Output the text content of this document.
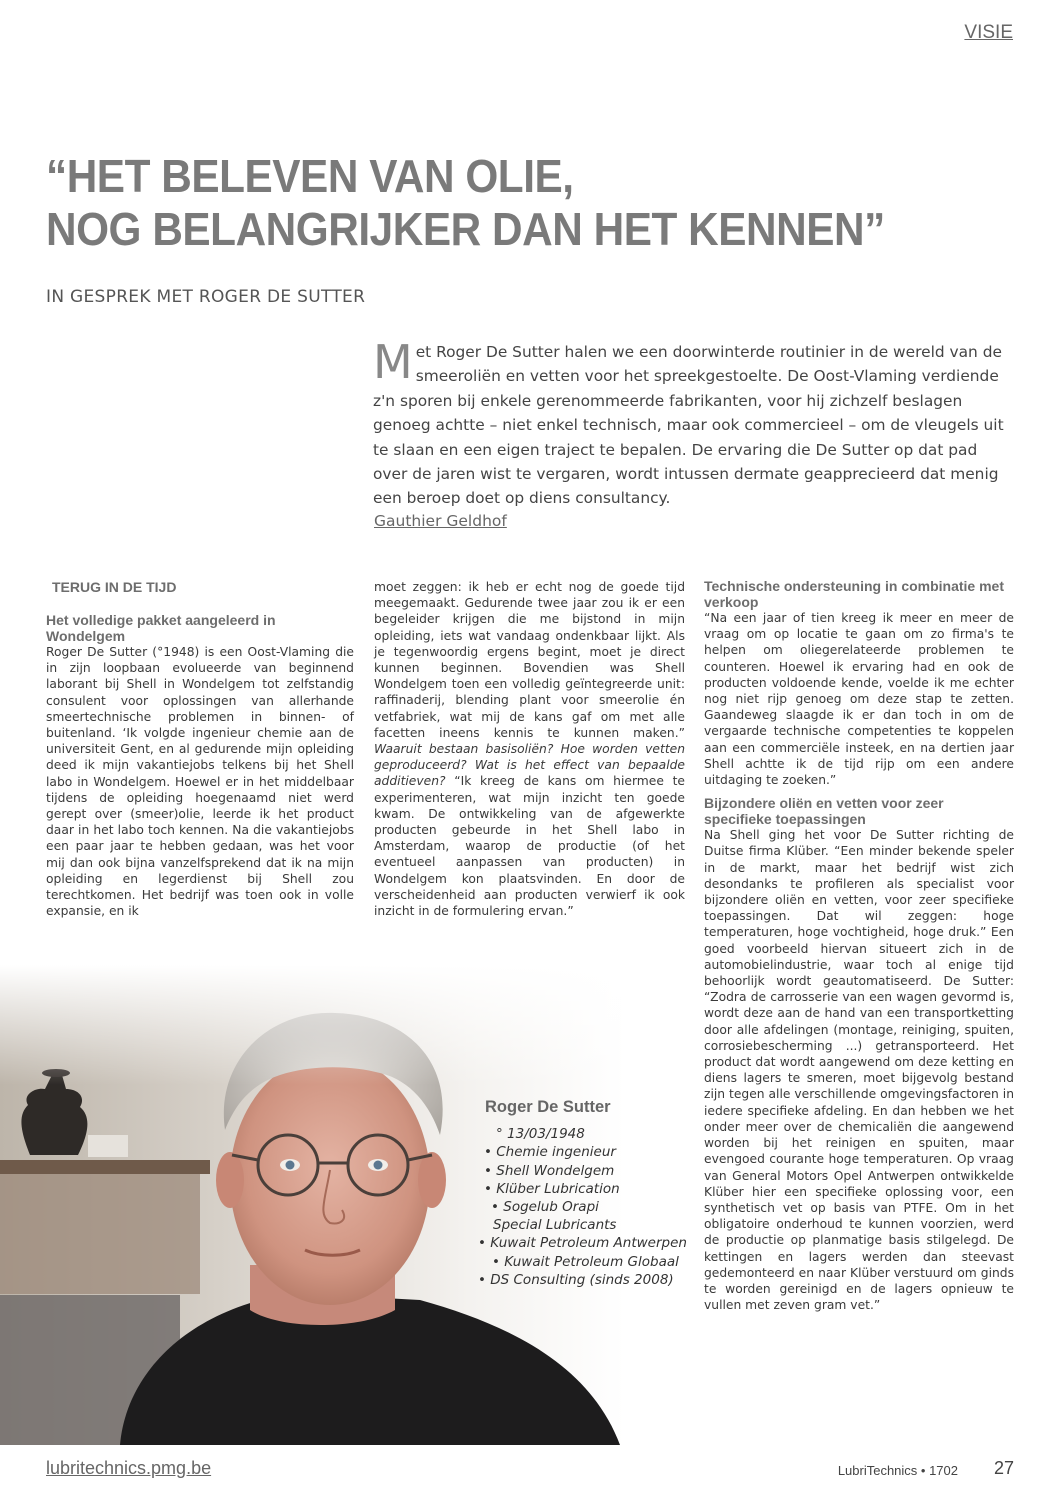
VISIE
“HET BELEVEN VAN OLIE,
NOG BELANGRIJKER DAN HET KENNEN”
IN GESPREK MET ROGER DE SUTTER
Met Roger De Sutter halen we een doorwinterde routinier in de wereld van de smeeroliën en vetten voor het spreekgestoelte. De Oost-Vlaming verdiende z'n sporen bij enkele gerenommeerde fabrikanten, voor hij zichzelf beslagen genoeg achtte – niet enkel technisch, maar ook commercieel – om de vleugels uit te slaan en een eigen traject te bepalen. De ervaring die De Sutter op dat pad over de jaren wist te vergaren, wordt intussen dermate geapprecieerd dat menig een beroep doet op diens consultancy.
Gauthier Geldhof
TERUG IN DE TIJD
Het volledige pakket aangeleerd in Wondelgem

Roger De Sutter (°1948) is een Oost-Vlaming die in zijn loopbaan evolueerde van beginnend laborant bij Shell in Wondelgem tot zelfstandig consulent voor oplossingen van allerhande smeertechnische problemen in binnen- of buitenland. ‘Ik volgde ingenieur chemie aan de universiteit Gent, en al gedurende mijn opleiding deed ik mijn vakantiejobs telkens bij het Shell labo in Wondelgem. Hoewel er in het middelbaar tijdens de opleiding hoegenaamd niet werd gerept over (smeer)olie, leerde ik het product daar in het labo toch kennen. Na die vakantiejobs een paar jaar te hebben gedaan, was het voor mij dan ook bijna vanzelfsprekend dat ik na mijn opleiding en legerdienst bij Shell zou terechtkomen. Het bedrijf was toen ook in volle expansie, en ik

moet zeggen: ik heb er echt nog de goede tijd meegemaakt. Gedurende twee jaar zou ik er een begeleider krijgen die me bijstond in mijn opleiding, iets wat vandaag ondenkbaar lijkt. Als je tegenwoordig ergens begint, moet je direct kunnen beginnen. Bovendien was Shell Wondelgem toen een volledig geïntegreerde unit: raffinaderij, blending plant voor smeerolie én vetfabriek, wat mij de kans gaf om met alle facetten ineens kennis te kunnen maken.” Waaruit bestaan basisoliën? Hoe worden vetten geproduceerd? Wat is het effect van bepaalde additieven? “Ik kreeg de kans om hiermee te experimenteren, wat mijn inzicht ten goede kwam. De ontwikkeling van de afgewerkte producten gebeurde in het Shell labo in Amsterdam, waarop de productie (of het eventueel aanpassen van producten) in Wondelgem kon plaatsvinden. En door de verscheidenheid aan producten verwierf ik ook inzicht in de formulering ervan.”

Technische ondersteuning in combinatie met verkoop

“Na een jaar of tien kreeg ik meer en meer de vraag om op locatie te gaan om zo firma's te helpen om oliegerelateerde problemen te counteren. Hoewel ik ervaring had en ook de producten voldoende kende, voelde ik me echter nog niet rijp genoeg om deze stap te zetten. Gaandeweg slaagde ik er dan toch in om de vergaarde technische competenties te koppelen aan een commerciële insteek, en na dertien jaar Shell achtte ik de tijd rijp om een andere uitdaging te zoeken.”

Bijzondere oliën en vetten voor zeer specifieke toepassingen

Na Shell ging het voor De Sutter richting de Duitse firma Klüber. “Een minder bekende speler in de markt, maar het bedrijf wist zich desondanks te profileren als specialist voor bijzondere oliën en vetten, voor zeer specifieke toepassingen. Dat wil zeggen: hoge temperaturen, hoge vochtigheid, hoge druk.” Een goed voorbeeld hiervan situeert zich in de automobielindustrie, waar toch al enige tijd behoorlijk wordt geautomatiseerd. De Sutter: “Zodra de carrosserie van een wagen gevormd is, wordt deze aan de hand van een transportketting door alle afdelingen (montage, reiniging, spuiten, corrosiebescherming ...) getransporteerd. Het product dat wordt aangewend om deze ketting en diens lagers te smeren, moet bijgevolg bestand zijn tegen alle verschillende omgevingsfactoren in iedere specifieke afdeling. En dan hebben we het onder meer over de chemicaliën die aangewend worden bij het reinigen en spuiten, maar evengoed courante hoge temperaturen. Op vraag van General Motors Opel Antwerpen ontwikkelde Klüber hier een specifieke oplossing voor, een synthetisch vet op basis van PTFE. Om in het obligatoire onderhoud te kunnen voorzien, werd de productie op planmatige basis stilgelegd. De kettingen en lagers werden dan steevast gedemonteerd en naar Klüber verstuurd om ginds te worden gereinigd en de lagers opnieuw te vullen met zeven gram vet.”

Roger De Sutter
° 13/03/1948
• Chemie ingenieur
• Shell Wondelgem
• Klüber Lubrication
• Sogelub Orapi
Special Lubricants
• Kuwait Petroleum Antwerpen
• Kuwait Petroleum Globaal
• DS Consulting (sinds 2008)
lubritechnics.pmg.be	LubriTechnics • 1702 27
